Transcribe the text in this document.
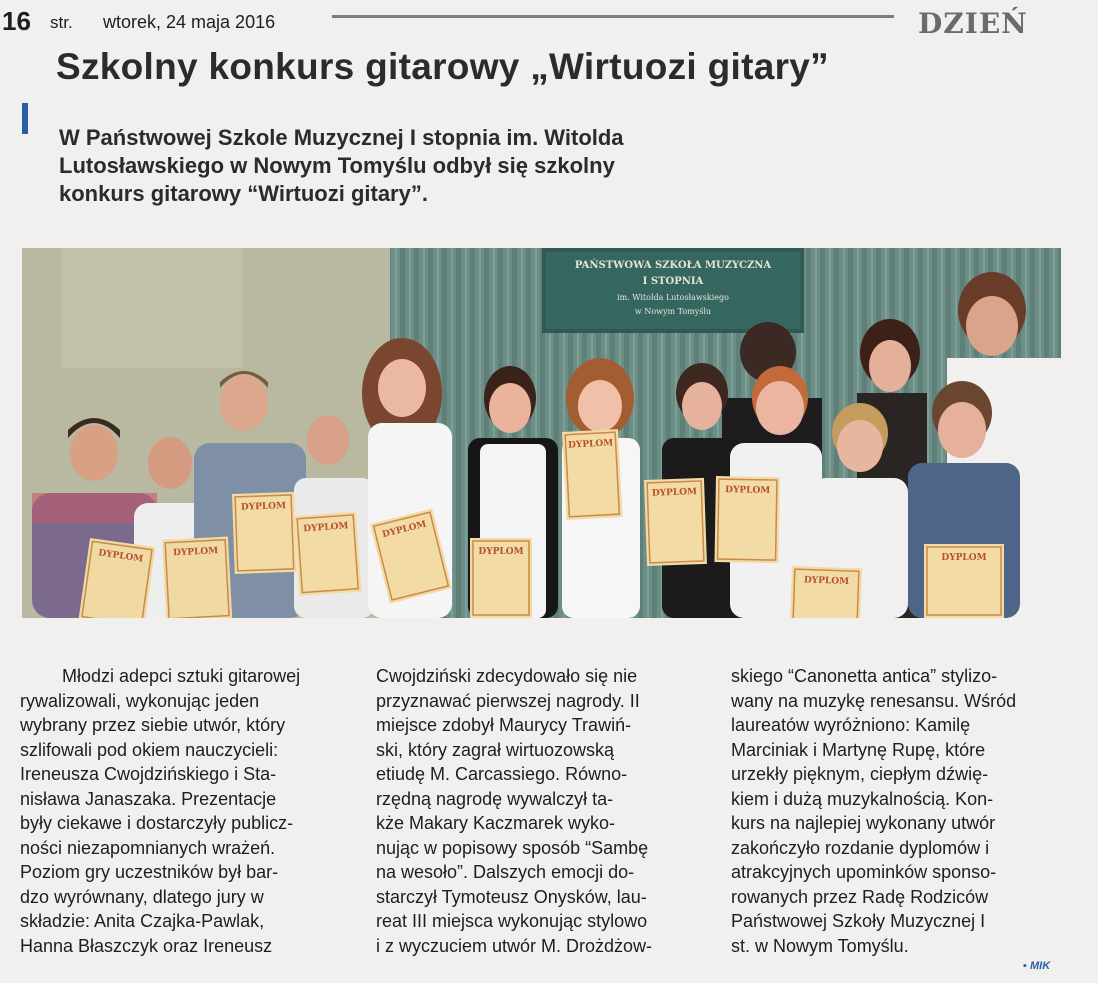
16 str. wtorek, 24 maja 2016	DZIEŃ
Szkolny konkurs gitarowy „Wirtuozi gitary”
W Państwowej Szkole Muzycznej I stopnia im. Witolda
Lutosławskiego w Nowym Tomyślu odbył się szkolny
konkurs gitarowy “Wirtuozi gitary”.
PAŃSTWOWA SZKOŁA MUZYCZNA
I STOPNIA
im. Witolda Lutosławskiego
w Nowym Tomyślu
DYPLOM	DYPLOM
DYPLOM
DYPLOM	DYPLOM
DYPLOM
DYPLOM
DYPLOM	DYPLOM
DYPLOM
DYPLOM
Młodzi adepci sztuki gitarowej
rywalizowali, wykonując jeden
wybrany przez siebie utwór, który
szlifowali pod okiem nauczycieli:
Ireneusza Cwojdzińskiego i Sta-
nisława Janaszaka. Prezentacje
były ciekawe i dostarczyły publicz-
ności niezapomnianych wrażeń.
Poziom gry uczestników był bar-
dzo wyrównany, dlatego jury w
składzie: Anita Czajka-Pawlak,
Hanna Błaszczyk oraz Ireneusz
Cwojdziński zdecydowało się nie
przyznawać pierwszej nagrody. II
miejsce zdobył Maurycy Trawiń-
ski, który zagrał wirtuozowską
etiudę M. Carcassiego. Równo-
rzędną nagrodę wywalczył ta-
kże Makary Kaczmarek wyko-
nując w popisowy sposób “Sambę
na wesoło”. Dalszych emocji do-
starczył Tymoteusz Onysków, lau-
reat III miejsca wykonując stylowo
i z wyczuciem utwór M. Drożdżow-
skiego “Canonetta antica” stylizo-
wany na muzykę renesansu. Wśród
laureatów wyróżniono: Kamilę
Marciniak i Martynę Rupę, które
urzekły pięknym, ciepłym dźwię-
kiem i dużą muzykalnością. Kon-
kurs na najlepiej wykonany utwór
zakończyło rozdanie dyplomów i
atrakcyjnych upominków sponso-
rowanych przez Radę Rodziców
Państwowej Szkoły Muzycznej I
st. w Nowym Tomyślu.
▪ MIK
